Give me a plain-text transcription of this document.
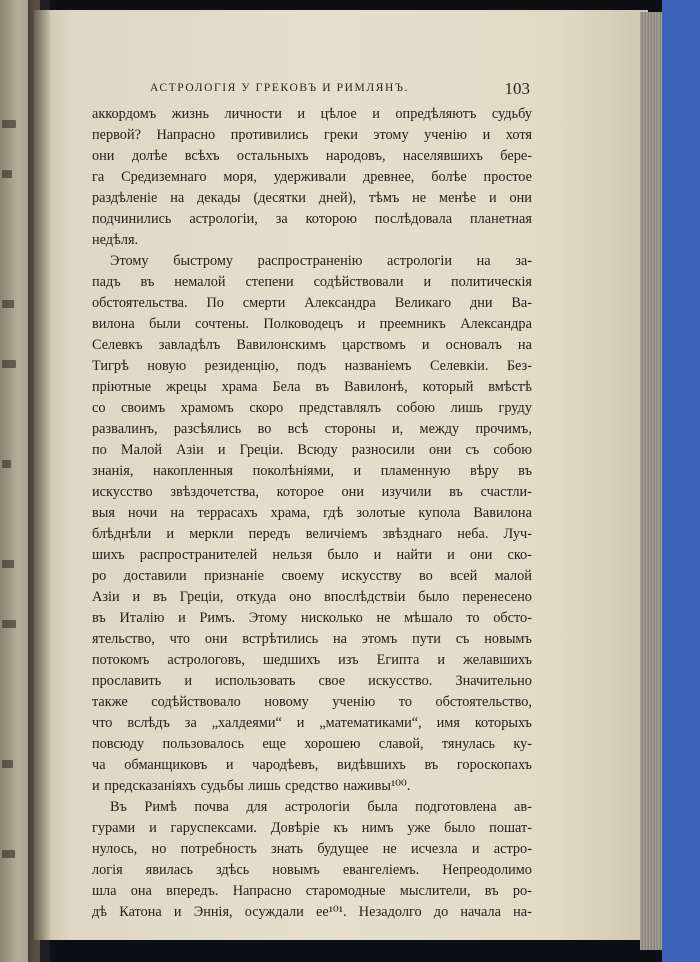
АСТРОЛОГІЯ У ГРЕКОВЪ И РИМЛЯНЪ.	103
аккордомъ жизнь личности и цѣлое и опредѣляютъ судьбу
первой? Напрасно противились греки этому ученію и хотя
они долѣе всѣхъ остальныхъ народовъ, населявшихъ бере-
га Средиземнаго моря, удерживали древнее, болѣе простое
раздѣленіе на декады (десятки дней), тѣмъ не менѣе и они
подчинились астрологіи, за которою послѣдовала планетная
недѣля.
Этому быстрому распространенію астрологіи на за-
падъ въ немалой степени содѣйствовали и политическія
обстоятельства. По смерти Александра Великаго дни Ва-
вилона были сочтены. Полководецъ и преемникъ Александра
Селевкъ завладѣлъ Вавилонскимъ царствомъ и основалъ на
Тигрѣ новую резиденцію, подъ названіемъ Селевкіи. Без-
пріютные жрецы храма Бела въ Вавилонѣ, который вмѣстѣ
со своимъ храмомъ скоро представлялъ собою лишь груду
развалинъ, разсѣялись во всѣ стороны и, между прочимъ,
по Малой Азіи и Греціи. Всюду разносили они съ собою
знанія, накопленныя поколѣніями, и пламенную вѣру въ
искусство звѣздочетства, которое они изучили въ счастли-
выя ночи на террасахъ храма, гдѣ золотые купола Вавилона
блѣднѣли и меркли передъ величіемъ звѣзднаго неба. Луч-
шихъ распространителей нельзя было и найти и они ско-
ро доставили признаніе своему искусству во всей малой
Азіи и въ Греціи, откуда оно впослѣдствіи было перенесено
въ Италію и Римъ. Этому нисколько не мѣшало то обсто-
ятельство, что они встрѣтились на этомъ пути съ новымъ
потокомъ астрологовъ, шедшихъ изъ Египта и желавшихъ
прославить и использовать свое искусство. Значительно
также содѣйствовало новому ученію то обстоятельство,
что вслѣдъ за „халдеями“ и „математиками“, имя которыхъ
повсюду пользовалось еще хорошею славой, тянулась ку-
ча обманщиковъ и чародѣевъ, видѣвшихъ въ гороскопахъ
и предсказаніяхъ судьбы лишь средство наживы¹⁰⁰.
Въ Римѣ почва для астрологіи была подготовлена ав-
гурами и гаруспексами. Довѣріе къ нимъ уже было пошат-
нулось, но потребность знать будущее не исчезла и астро-
логія явилась здѣсь новымъ евангеліемъ. Непреодолимо
шла она впередъ. Напрасно старомодные мыслители, въ ро-
дѣ Катона и Эннія, осуждали ее¹⁰¹. Незадолго до начала на-
